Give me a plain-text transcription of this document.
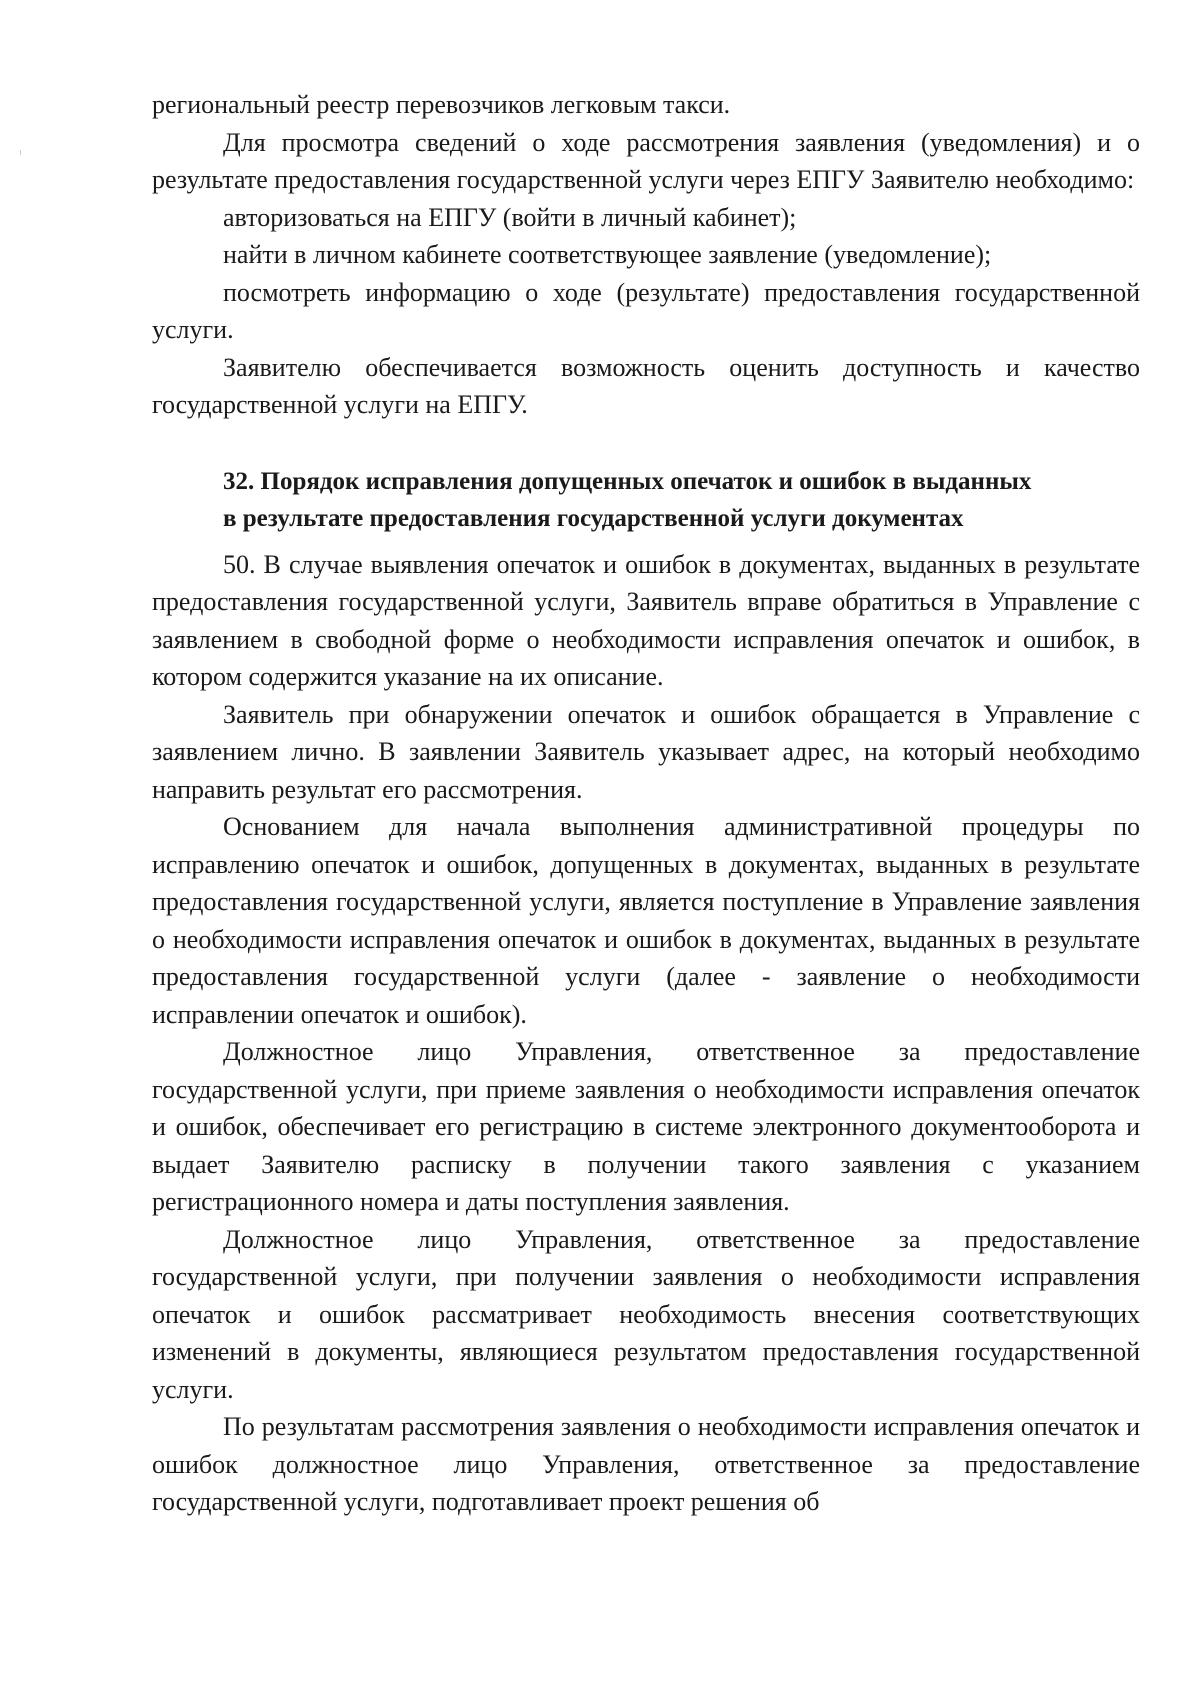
региональный реестр перевозчиков легковым такси.

Для просмотра сведений о ходе рассмотрения заявления (уведомления) и о результате предоставления государственной услуги через ЕПГУ Заявителю необходимо:

авторизоваться на ЕПГУ (войти в личный кабинет);

найти в личном кабинете соответствующее заявление (уведомление);

посмотреть информацию о ходе (результате) предоставления государственной услуги.

Заявителю обеспечивается возможность оценить доступность и качество государственной услуги на ЕПГУ.

32. Порядок исправления допущенных опечаток и ошибок в выданных
в результате предоставления государственной услуги документах

50. В случае выявления опечаток и ошибок в документах, выданных в результате предоставления государственной услуги, Заявитель вправе обратиться в Управление с заявлением в свободной форме о необходимости исправления опечаток и ошибок, в котором содержится указание на их описание.

Заявитель при обнаружении опечаток и ошибок обращается в Управление с заявлением лично. В заявлении Заявитель указывает адрес, на который необходимо направить результат его рассмотрения.

Основанием для начала выполнения административной процедуры по исправлению опечаток и ошибок, допущенных в документах, выданных в результате предоставления государственной услуги, является поступление в Управление заявления о необходимости исправления опечаток и ошибок в документах, выданных в результате предоставления государственной услуги (далее - заявление о необходимости исправлении опечаток и ошибок).

Должностное лицо Управления, ответственное за предоставление государственной услуги, при приеме заявления о необходимости исправления опечаток и ошибок, обеспечивает его регистрацию в системе электронного документооборота и выдает Заявителю расписку в получении такого заявления с указанием регистрационного номера и даты поступления заявления.

Должностное лицо Управления, ответственное за предоставление государственной услуги, при получении заявления о необходимости исправления опечаток и ошибок рассматривает необходимость внесения соответствующих изменений в документы, являющиеся результатом предоставления государственной услуги.

По результатам рассмотрения заявления о необходимости исправления опечаток и ошибок должностное лицо Управления, ответственное за предоставление государственной услуги, подготавливает проект решения об
